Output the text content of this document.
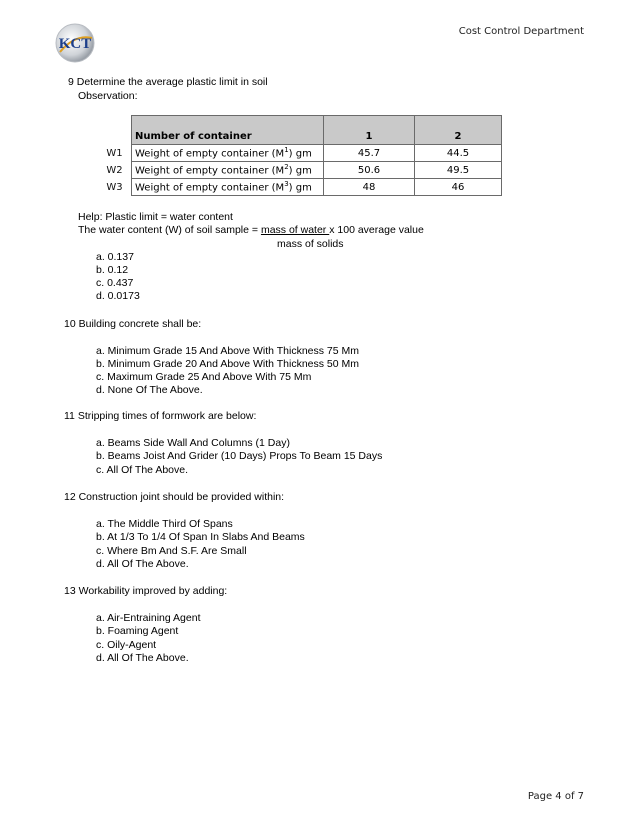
KCT
Cost Control Department
9 Determine the average plastic limit in soil
Observation:
	Number of container	1	2
W1	Weight of empty container $(M^1)$ gm	45.7	44.5
W2	Weight of empty container $(M^2)$ gm	50.6	49.5
W3	Weight of empty container $(M^3)$ gm	48	46
Help: Plastic limit = water content
The water content (W) of soil sample = mass of water x 100 average value
mass of solids
a. 0.137
b. 0.12
c. 0.437
d. 0.0173
10 Building concrete shall be:
a. Minimum Grade 15 And Above With Thickness 75 Mm
b. Minimum Grade 20 And Above With Thickness 50 Mm
c. Maximum Grade 25 And Above With 75 Mm
d. None Of The Above.
11 Stripping times of formwork are below:
a. Beams Side Wall And Columns (1 Day)
b. Beams Joist And Grider (10 Days) Props To Beam 15 Days
c. All Of The Above.
12 Construction joint should be provided within:
a. The Middle Third Of Spans
b. At 1/3 To 1/4 Of Span In Slabs And Beams
c. Where Bm And S.F. Are Small
d. All Of The Above.
13 Workability improved by adding:
a. Air-Entraining Agent
b. Foaming Agent
c. Oily-Agent
d. All Of The Above.
Page 4 of 7
